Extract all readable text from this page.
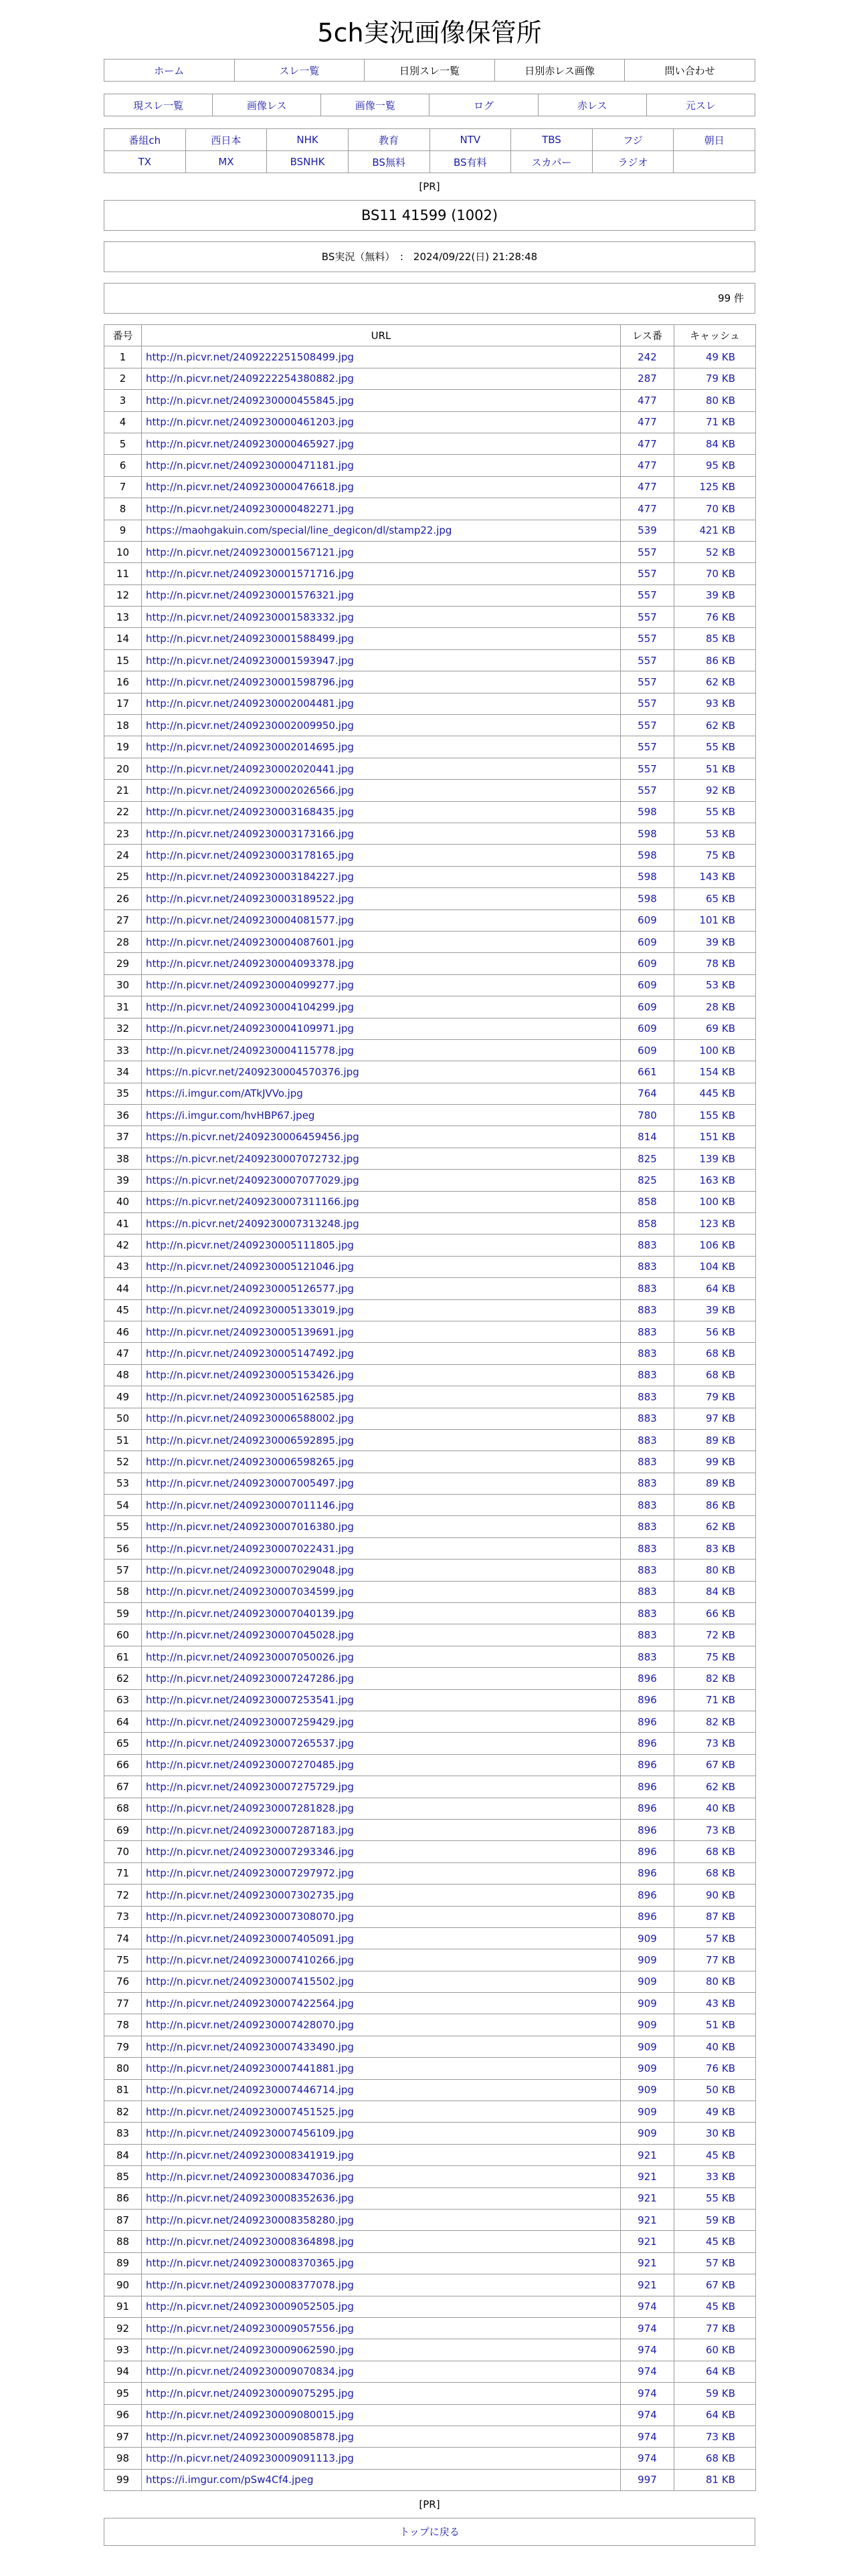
5ch実況画像保管所
ホーム	スレ一覧	日別スレ一覧	日別赤レス画像	問い合わせ
現スレ一覧	画像レス	画像一覧	ログ	赤レス	元スレ
番組ch	西日本	NHK	教育	NTV	TBS	フジ	朝日
TX	MX	BSNHK	BS無料	BS有料	スカパー	ラジオ	
[PR]
BS11 41599 (1002)
BS実況（無料）　:　2024/09/22(日) 21:28:48
99 件
番号	URL	レス番	キャッシュ
1	http://n.picvr.net/2409222251508499.jpg	242	49 KB
2	http://n.picvr.net/2409222254380882.jpg	287	79 KB
3	http://n.picvr.net/2409230000455845.jpg	477	80 KB
4	http://n.picvr.net/2409230000461203.jpg	477	71 KB
5	http://n.picvr.net/2409230000465927.jpg	477	84 KB
6	http://n.picvr.net/2409230000471181.jpg	477	95 KB
7	http://n.picvr.net/2409230000476618.jpg	477	125 KB
8	http://n.picvr.net/2409230000482271.jpg	477	70 KB
9	https://maohgakuin.com/special/line_degicon/dl/stamp22.jpg	539	421 KB
10	http://n.picvr.net/2409230001567121.jpg	557	52 KB
11	http://n.picvr.net/2409230001571716.jpg	557	70 KB
12	http://n.picvr.net/2409230001576321.jpg	557	39 KB
13	http://n.picvr.net/2409230001583332.jpg	557	76 KB
14	http://n.picvr.net/2409230001588499.jpg	557	85 KB
15	http://n.picvr.net/2409230001593947.jpg	557	86 KB
16	http://n.picvr.net/2409230001598796.jpg	557	62 KB
17	http://n.picvr.net/2409230002004481.jpg	557	93 KB
18	http://n.picvr.net/2409230002009950.jpg	557	62 KB
19	http://n.picvr.net/2409230002014695.jpg	557	55 KB
20	http://n.picvr.net/2409230002020441.jpg	557	51 KB
21	http://n.picvr.net/2409230002026566.jpg	557	92 KB
22	http://n.picvr.net/2409230003168435.jpg	598	55 KB
23	http://n.picvr.net/2409230003173166.jpg	598	53 KB
24	http://n.picvr.net/2409230003178165.jpg	598	75 KB
25	http://n.picvr.net/2409230003184227.jpg	598	143 KB
26	http://n.picvr.net/2409230003189522.jpg	598	65 KB
27	http://n.picvr.net/2409230004081577.jpg	609	101 KB
28	http://n.picvr.net/2409230004087601.jpg	609	39 KB
29	http://n.picvr.net/2409230004093378.jpg	609	78 KB
30	http://n.picvr.net/2409230004099277.jpg	609	53 KB
31	http://n.picvr.net/2409230004104299.jpg	609	28 KB
32	http://n.picvr.net/2409230004109971.jpg	609	69 KB
33	http://n.picvr.net/2409230004115778.jpg	609	100 KB
34	https://n.picvr.net/2409230004570376.jpg	661	154 KB
35	https://i.imgur.com/ATkJVVo.jpg	764	445 KB
36	https://i.imgur.com/hvHBP67.jpeg	780	155 KB
37	https://n.picvr.net/2409230006459456.jpg	814	151 KB
38	https://n.picvr.net/2409230007072732.jpg	825	139 KB
39	https://n.picvr.net/2409230007077029.jpg	825	163 KB
40	https://n.picvr.net/2409230007311166.jpg	858	100 KB
41	https://n.picvr.net/2409230007313248.jpg	858	123 KB
42	http://n.picvr.net/2409230005111805.jpg	883	106 KB
43	http://n.picvr.net/2409230005121046.jpg	883	104 KB
44	http://n.picvr.net/2409230005126577.jpg	883	64 KB
45	http://n.picvr.net/2409230005133019.jpg	883	39 KB
46	http://n.picvr.net/2409230005139691.jpg	883	56 KB
47	http://n.picvr.net/2409230005147492.jpg	883	68 KB
48	http://n.picvr.net/2409230005153426.jpg	883	68 KB
49	http://n.picvr.net/2409230005162585.jpg	883	79 KB
50	http://n.picvr.net/2409230006588002.jpg	883	97 KB
51	http://n.picvr.net/2409230006592895.jpg	883	89 KB
52	http://n.picvr.net/2409230006598265.jpg	883	99 KB
53	http://n.picvr.net/2409230007005497.jpg	883	89 KB
54	http://n.picvr.net/2409230007011146.jpg	883	86 KB
55	http://n.picvr.net/2409230007016380.jpg	883	62 KB
56	http://n.picvr.net/2409230007022431.jpg	883	83 KB
57	http://n.picvr.net/2409230007029048.jpg	883	80 KB
58	http://n.picvr.net/2409230007034599.jpg	883	84 KB
59	http://n.picvr.net/2409230007040139.jpg	883	66 KB
60	http://n.picvr.net/2409230007045028.jpg	883	72 KB
61	http://n.picvr.net/2409230007050026.jpg	883	75 KB
62	http://n.picvr.net/2409230007247286.jpg	896	82 KB
63	http://n.picvr.net/2409230007253541.jpg	896	71 KB
64	http://n.picvr.net/2409230007259429.jpg	896	82 KB
65	http://n.picvr.net/2409230007265537.jpg	896	73 KB
66	http://n.picvr.net/2409230007270485.jpg	896	67 KB
67	http://n.picvr.net/2409230007275729.jpg	896	62 KB
68	http://n.picvr.net/2409230007281828.jpg	896	40 KB
69	http://n.picvr.net/2409230007287183.jpg	896	73 KB
70	http://n.picvr.net/2409230007293346.jpg	896	68 KB
71	http://n.picvr.net/2409230007297972.jpg	896	68 KB
72	http://n.picvr.net/2409230007302735.jpg	896	90 KB
73	http://n.picvr.net/2409230007308070.jpg	896	87 KB
74	http://n.picvr.net/2409230007405091.jpg	909	57 KB
75	http://n.picvr.net/2409230007410266.jpg	909	77 KB
76	http://n.picvr.net/2409230007415502.jpg	909	80 KB
77	http://n.picvr.net/2409230007422564.jpg	909	43 KB
78	http://n.picvr.net/2409230007428070.jpg	909	51 KB
79	http://n.picvr.net/2409230007433490.jpg	909	40 KB
80	http://n.picvr.net/2409230007441881.jpg	909	76 KB
81	http://n.picvr.net/2409230007446714.jpg	909	50 KB
82	http://n.picvr.net/2409230007451525.jpg	909	49 KB
83	http://n.picvr.net/2409230007456109.jpg	909	30 KB
84	http://n.picvr.net/2409230008341919.jpg	921	45 KB
85	http://n.picvr.net/2409230008347036.jpg	921	33 KB
86	http://n.picvr.net/2409230008352636.jpg	921	55 KB
87	http://n.picvr.net/2409230008358280.jpg	921	59 KB
88	http://n.picvr.net/2409230008364898.jpg	921	45 KB
89	http://n.picvr.net/2409230008370365.jpg	921	57 KB
90	http://n.picvr.net/2409230008377078.jpg	921	67 KB
91	http://n.picvr.net/2409230009052505.jpg	974	45 KB
92	http://n.picvr.net/2409230009057556.jpg	974	77 KB
93	http://n.picvr.net/2409230009062590.jpg	974	60 KB
94	http://n.picvr.net/2409230009070834.jpg	974	64 KB
95	http://n.picvr.net/2409230009075295.jpg	974	59 KB
96	http://n.picvr.net/2409230009080015.jpg	974	64 KB
97	http://n.picvr.net/2409230009085878.jpg	974	73 KB
98	http://n.picvr.net/2409230009091113.jpg	974	68 KB
99	https://i.imgur.com/pSw4Cf4.jpeg	997	81 KB
[PR]
トップに戻る
